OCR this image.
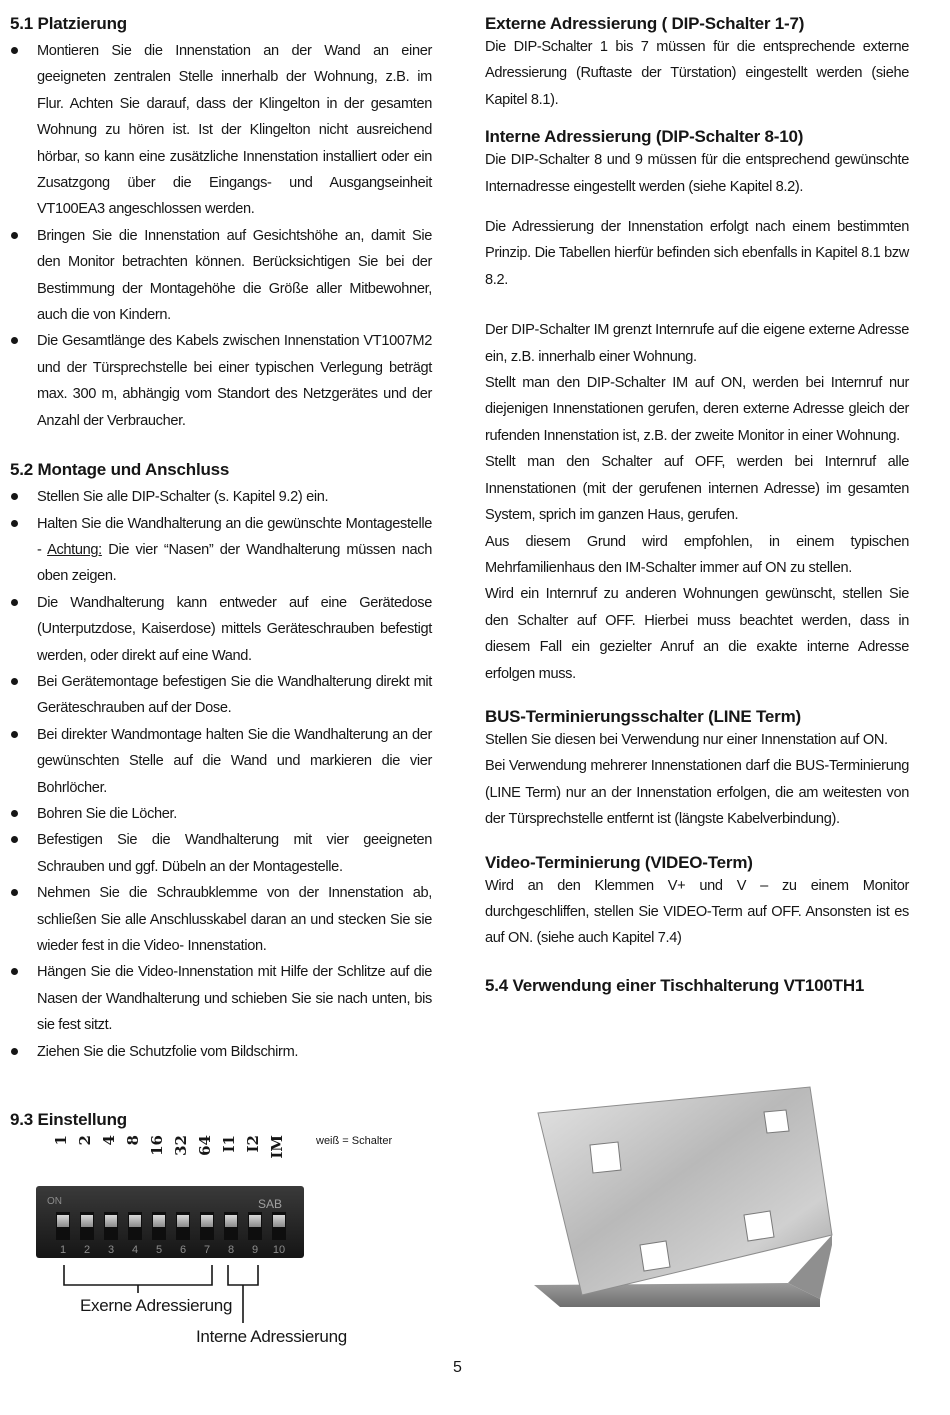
5.1 Platzierung
Montieren Sie die Innenstation an der Wand an einer geeigneten zentralen Stelle innerhalb der Wohnung, z.B. im Flur. Achten Sie darauf, dass der Klingelton in der gesamten Wohnung zu hören ist. Ist der Klingelton nicht ausreichend hörbar, so kann eine zusätzliche Innenstation installiert oder ein Zusatzgong über die Eingangs- und Ausgangseinheit VT100EA3 angeschlossen werden.
Bringen Sie die Innenstation auf Gesichtshöhe an, damit Sie den Monitor betrachten können. Berücksichtigen Sie bei der Bestimmung der Montagehöhe die Größe aller Mitbewohner, auch die von Kindern.
Die Gesamtlänge des Kabels zwischen Innenstation VT1007M2 und der Türsprechstelle bei einer typischen Verlegung beträgt max. 300 m, abhängig vom Standort des Netzgerätes und der Anzahl der Verbraucher.
5.2 Montage und Anschluss
Stellen Sie alle DIP-Schalter (s. Kapitel 9.2) ein.
Halten Sie die Wandhalterung an die gewünschte Montagestelle - Achtung: Die vier “Nasen” der Wandhalterung müssen nach oben zeigen.
Die Wandhalterung kann entweder auf eine Gerätedose (Unterputzdose, Kaiserdose) mittels Geräteschrauben befestigt werden, oder direkt auf eine Wand.
Bei Gerätemontage befestigen Sie die Wandhalterung direkt mit Geräteschrauben auf der Dose.
Bei direkter Wandmontage halten Sie die Wandhalterung an der gewünschten Stelle auf die Wand und markieren die vier Bohrlöcher.
Bohren Sie die Löcher.
Befestigen Sie die Wandhalterung mit vier geeigneten Schrauben und ggf. Dübeln an der Montagestelle.
Nehmen Sie die Schraubklemme von der Innenstation ab, schließen Sie alle Anschlusskabel daran an und stecken Sie sie wieder fest in die Video- Innenstation.
Hängen Sie die Video-Innenstation mit Hilfe der Schlitze auf die Nasen der Wandhalterung und schieben Sie sie nach unten, bis sie fest sitzt.
Ziehen Sie die Schutzfolie vom Bildschirm.
Externe Adressierung ( DIP-Schalter 1-7)
Die DIP-Schalter 1 bis 7 müssen für die entsprechende externe Adressierung (Ruftaste der Türstation) eingestellt werden (siehe Kapitel 8.1).
Interne Adressierung (DIP-Schalter 8-10)
Die DIP-Schalter 8 und 9 müssen für die entsprechend gewünschte Internadresse eingestellt werden (siehe Kapitel 8.2).
Die Adressierung der Innenstation erfolgt nach einem bestimmten Prinzip. Die Tabellen hierfür befinden sich ebenfalls in Kapitel 8.1 bzw 8.2.
Der DIP-Schalter IM grenzt Internrufe auf die eigene externe Adresse ein, z.B. innerhalb einer Wohnung.
Stellt man den DIP-Schalter IM auf ON, werden bei Internruf nur diejenigen Innenstationen gerufen, deren externe Adresse gleich der rufenden Innenstation ist, z.B. der zweite Monitor in einer Wohnung.
Stellt man den Schalter auf OFF, werden bei Internruf alle Innenstationen (mit der gerufenen internen Adresse) im gesamten System, sprich im ganzen Haus, gerufen.
Aus diesem Grund wird empfohlen, in einem typischen Mehrfamilienhaus den IM-Schalter immer auf ON zu stellen.
Wird ein Internruf zu anderen Wohnungen gewünscht, stellen Sie den Schalter auf OFF. Hierbei muss beachtet werden, dass in diesem Fall ein gezielter Anruf an die exakte interne Adresse erfolgen muss.
BUS-Terminierungsschalter (LINE Term)
Stellen Sie diesen bei Verwendung nur einer Innenstation auf ON.
Bei Verwendung mehrerer Innenstationen darf die BUS-Terminierung (LINE Term) nur an der Innenstation erfolgen, die am weitesten von der Türsprechstelle entfernt ist (längste Kabelverbindung).
Video-Terminierung (VIDEO-Term)
Wird an den Klemmen V+ und V – zu einem Monitor durchgeschliffen, stellen Sie VIDEO-Term auf OFF. Ansonsten ist es auf ON. (siehe auch Kapitel 7.4)
5.4 Verwendung einer Tischhalterung VT100TH1
9.3 Einstellung
weiß = Schalter
1 2 4 8 16 32 64 I1 I2 IM
ON	SAB
1 2 3 4 5 6 7 8 9 10
Exerne Adressierung
Interne Adressierung
5
